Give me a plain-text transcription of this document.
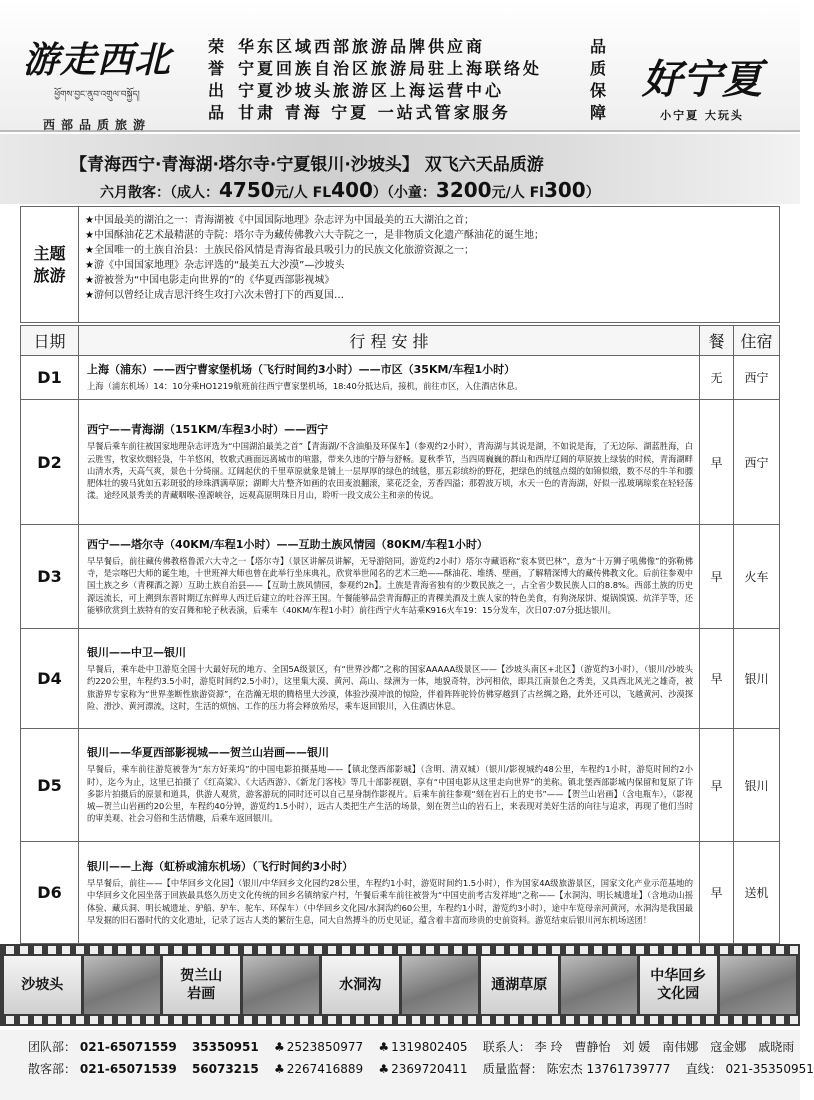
游走西北
ཕྱོགས་བྱང་ནུབ་འགྲུལ་བསྐྱོད།
西部品质旅游
荣
誉
出
品
华东区域西部旅游品牌供应商
宁夏回族自治区旅游局驻上海联络处
宁夏沙坡头旅游区上海运营中心
甘肃 青海 宁夏 一站式管家服务
品
质
保
障
好宁夏
小宁夏 大玩头
【青海西宁·青海湖·塔尔寺·宁夏银川·沙坡头】 双飞六天品质游
六月散客：（成人：4750元/人 FL400）（小童：3200元/人 Fl300）
主题
旅游
★中国最美的湖泊之一：青海湖被《中国国际地理》杂志评为中国最美的五大湖泊之首；
★中国酥油花艺术最精湛的寺院：塔尔寺为藏传佛教六大寺院之一，是非物质文化遗产酥油花的诞生地；
★全国唯一的土族自治县：土族民俗风情是青海省最具吸引力的民族文化旅游资源之一；
★游《中国国家地理》杂志评选的“最美五大沙漠”—沙坡头
★游被誉为“中国电影走向世界的”的《华夏西部影视城》
★游何以曾经让成吉思汗终生攻打六次未曾打下的西夏国…
日期	行 程 安 排	餐	住宿
D1	上海（浦东）——西宁曹家堡机场（飞行时间约3小时）——市区（35KM/车程1小时）
上海（浦东机场）14：10分乘HO1219航班前往西宁曹家堡机场，18:40分抵达后，接机，前往市区，入住酒店休息。	无	西宁
D2	西宁——青海湖（151KM/车程3小时）——西宁
早餐后乘车前往被国家地理杂志评选为“中国湖泊最美之首”【青海湖/不含油船及环保车】（参观约2小时），青海湖与其说是湖，不如说是海，了无边际、湖蓝胜海，白云胜雪，牧家炊烟轻袅，牛羊悠闲，牧歌式画面远离城市的喧嚣，带来久违的宁静与舒畅。夏秋季节，当四周巍巍的群山和西岸辽阔的草原披上绿装的时候，青海湖畔山清水秀，天高气爽，景色十分绮丽。辽阔起伏的千里草原就象是铺上一层厚厚的绿色的绒毯，那五彩缤纷的野花，把绿色的绒毯点缀的如锦似缎，数不尽的牛羊和膘肥体壮的骏马犹如五彩斑驳的珍珠洒满草原；湖畔大片整齐如画的农田麦浪翻滚，菜花泛金，芳香四溢；那碧波万顷，水天一色的青海湖，好似一泓玻璃琼浆在轻轻荡漾。途经风景秀美的青藏咽喉-湟源峡谷，远观高原明珠日月山，聆听一段文成公主和亲的传说。	早	西宁
D3	西宁——塔尔寺（40KM/车程1小时）——互助土族风情园（80KM/车程1小时）
早早餐后，前往藏传佛教格鲁派六大寺之一【塔尔寺】（景区讲解员讲解，无导游陪同，游览约2小时）塔尔寺藏语称“衮本贤巴林”，意为“十万狮子吼佛像”的弥勒佛寺，是宗喀巴大师的诞生地，十世班禅大师也曾在此举行坐床典礼，欣赏举世闻名的艺术三绝——酥油花、堆绣、壁画，了解精深博大的藏传佛教文化。后前往参观中国土族之乡（青稞酒之源）互助土族自治县——【互助土族风情园，参观约2h】。土族是青海省独有的少数民族之一，占全省少数民族人口的8.8%。西部土族的历史源远流长，可上溯到东晋时期辽东鲜卑人西迁后建立的吐谷浑王国。午餐能够品尝青海醇正的青稞美酒及土族人家的特色美食，有狗浇尿饼、焜锅馍馍、炕洋芋等，还能够欣赏到土族特有的安召舞和轮子秋表演，后乘车（40KM/车程1小时）前往西宁火车站乘K916火车19：15分发车，次日07:07分抵达银川。	早	火车
D4	银川——中卫—银川
早餐后，乘车赴中卫游览全国十大最好玩的地方、全国5A级景区，有“世界沙都”之称的国家AAAAA级景区——【沙坡头南区+北区】（游览约3小时），（银川/沙坡头约220公里，车程约3.5小时，游览时间约2.5小时），这里集大漠、黄河、高山、绿洲为一体，地貌奇特，沙河相依，即具江南景色之秀美，又具西北风光之雄奇，被旅游界专家称为“世界垄断性旅游资源”，在浩瀚无垠的腾格里大沙漠，体验沙漠冲浪的惊险，伴着阵阵驼铃仿佛穿越到了古丝绸之路，此外还可以，飞越黄河、沙漠探险、滑沙、黄河漂流，这时，生活的烦恼、工作的压力将会释放殆尽，乘车返回银川，入住酒店休息。	早	银川
D5	银川——华夏西部影视城——贺兰山岩画——银川
早餐后，乘车前往游览被誉为“东方好莱坞”的中国电影拍摄基地——【镇北堡西部影城】（含明、清双城）（银川/影视城约48公里，车程约1小时，游览时间约2小时），迄今为止，这里已拍摄了《红高粱》、《大话西游》、《新龙门客栈》等几十部影视剧，享有“中国电影从这里走向世界”的美称。镇北堡西部影城内保留和复原了许多影片拍摄后的原景和道具，供游人观赏，游客游玩的同时还可以自己星身制作影视片。后乘车前往参观“刻在岩石上的史书”——【贺兰山岩画】（含电瓶车），（影视城—贺兰山岩画约20公里，车程约40分钟，游览约1.5小时），远古人类把生产生活的场景，刻在贺兰山的岩石上，来表现对美好生活的向往与追求，再现了他们当时的审美观、社会习俗和生活情趣，后乘车返回银川。	早	银川
D6	银川——上海（虹桥或浦东机场）（飞行时间约3小时）
早早餐后，前往——【中华回乡文化园】（银川/中华回乡文化园约28公里，车程约1小时，游览时间约1.5小时），作为国家4A级旅游景区，国家文化产业示范基地的中华回乡文化园坐落于回族最具悠久历史文化传统的回乡名镇纳家户村，午餐后乘车前往被誉为“中国史前考古发祥地”之称——【水洞沟、明长城遗址】（含地动山摇体验、藏兵洞、明长城遗址、驴船、驴车、驼车、环保车）（中华回乡文化园/水洞沟约60公里，车程约1小时，游览约3小时），途中车览母亲河黄河，水洞沟是我国最早发掘的旧石器时代的文化遗址，记录了远古人类的繁衍生息，同大自然搏斗的历史见证，蕴含着丰富而珍贵的史前资料。游览结束后银川河东机场送团！	早	送机
沙坡头
贺兰山
岩画
水洞沟	通湖草原
中华回乡
文化园
团队部： 021-65071559 35350951 ♣ 2523850977 ♣ 1319802405 联系人： 李 玲　曹静怡　刘 媛　南伟娜　寇金娜　戚晓雨
散客部： 021-65071539 56073215 ♣ 2267416889 ♣ 2369720411 质量监督： 陈宏杰 13761739777 直线： 021-35350951
